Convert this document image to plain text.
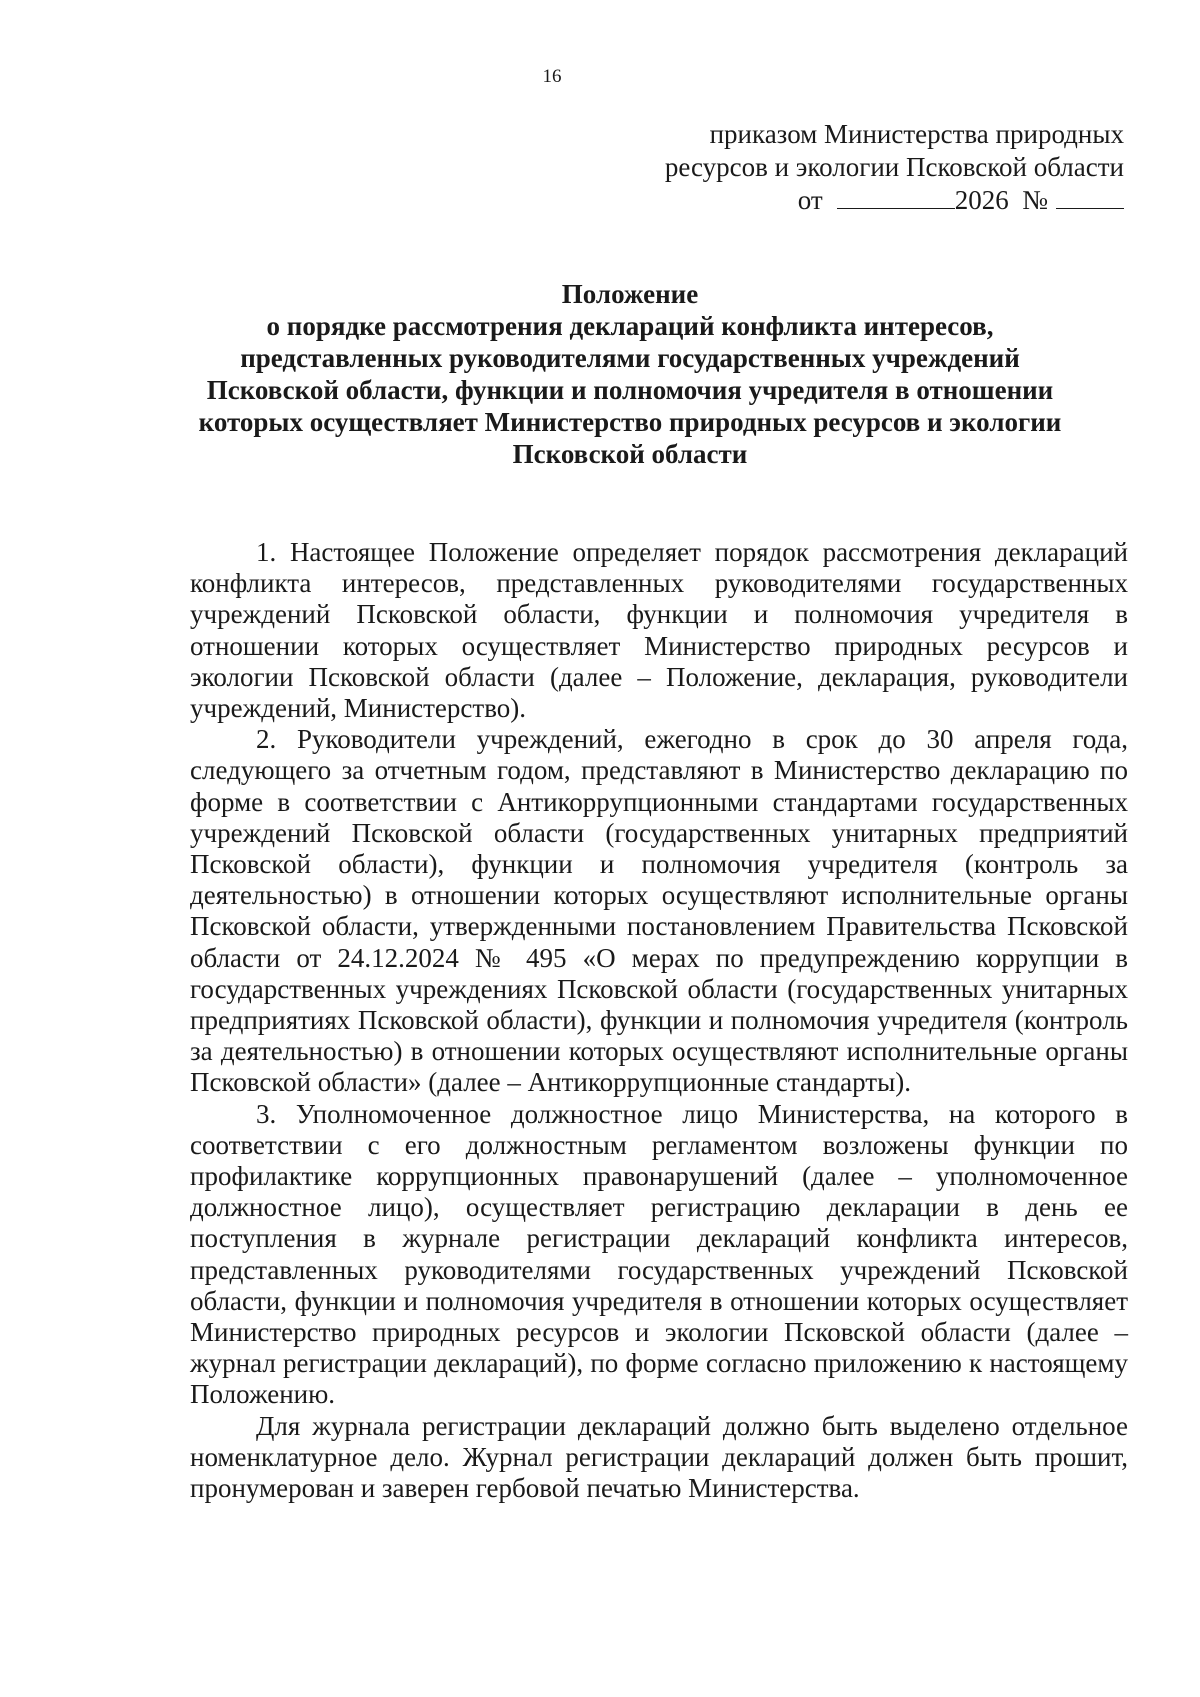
16
приказом Министерства природных
ресурсов и экологии Псковской области
от	2026 №
Положение
о порядке рассмотрения деклараций конфликта интересов,
представленных руководителями государственных учреждений
Псковской области, функции и полномочия учредителя в отношении
которых осуществляет Министерство природных ресурсов и экологии
Псковской области

1. Настоящее Положение определяет порядок рассмотрения деклараций конфликта интересов, представленных руководителями государственных учреждений Псковской области, функции и полномочия учредителя в отношении которых осуществляет Министерство природных ресурсов и экологии Псковской области (далее – Положение, декларация, руководители учреждений, Министерство).

2. Руководители учреждений, ежегодно в срок до 30 апреля года, следующего за отчетным годом, представляют в Министерство декларацию по форме в соответствии с Антикоррупционными стандартами государственных учреждений Псковской области (государственных унитарных предприятий Псковской области), функции и полномочия учредителя (контроль за деятельностью) в отношении которых осуществляют исполнительные органы Псковской области, утвержденными постановлением Правительства Псковской области от 24.12.2024 № 495 «О мерах по предупреждению коррупции в государственных учреждениях Псковской области (государственных унитарных предприятиях Псковской области), функции и полномочия учредителя (контроль за деятельностью) в отношении которых осуществляют исполнительные органы Псковской области» (далее – Антикоррупционные стандарты).

3. Уполномоченное должностное лицо Министерства, на которого в соответствии с его должностным регламентом возложены функции по профилактике коррупционных правонарушений (далее – уполномоченное должностное лицо), осуществляет регистрацию декларации в день ее поступления в журнале регистрации деклараций конфликта интересов, представленных руководителями государственных учреждений Псковской области, функции и полномочия учредителя в отношении которых осуществляет Министерство природных ресурсов и экологии Псковской области (далее – журнал регистрации деклараций), по форме согласно приложению к настоящему Положению.

Для журнала регистрации деклараций должно быть выделено отдельное номенклатурное дело. Журнал регистрации деклараций должен быть прошит, пронумерован и заверен гербовой печатью Министерства.
